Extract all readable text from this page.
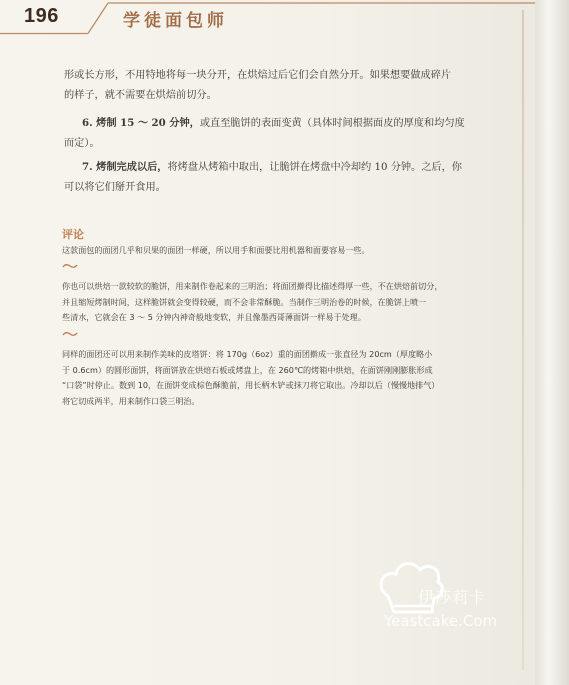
196	学徒面包师
形或长方形，不用特地将每一块分开，在烘焙过后它们会自然分开。如果想要做成碎片
的样子，就不需要在烘焙前切分。
6. 烤制 15 ～ 20 分钟，或直至脆饼的表面变黄（具体时间根据面皮的厚度和均匀度
而定）。
7. 烤制完成以后，将烤盘从烤箱中取出，让脆饼在烤盘中冷却约 10 分钟。之后，你
可以将它们掰开食用。
评论

这款面包的面团几乎和贝果的面团一样硬，所以用手和面要比用机器和面要容易一些。

你也可以烘焙一款较软的脆饼，用来制作卷起来的三明治；将面团擀得比描述得厚一些，不在烘焙前切分，
并且缩短烤制时间，这样脆饼就会变得较硬，而不会非常酥脆。当制作三明治卷的时候，在脆饼上喷一
些清水，它就会在 3 ～ 5 分钟内神奇般地变软，并且像墨西哥薄面饼一样易于处理。
同样的面团还可以用来制作美味的皮塔饼：将 170g（6oz）重的面团擀成一张直径为 20cm（厚度略小
于 0.6cm）的圆形面饼，将面饼放在烘焙石板或烤盘上，在 260℃的烤箱中烘焙，在面饼刚刚膨胀形成
“口袋”时停止。数到 10，在面饼变成棕色酥脆前，用长柄木铲或抹刀将它取出。冷却以后（慢慢地排气）
将它切成两半，用来制作口袋三明治。
伊莎莉卡
Yeastcake.Com
